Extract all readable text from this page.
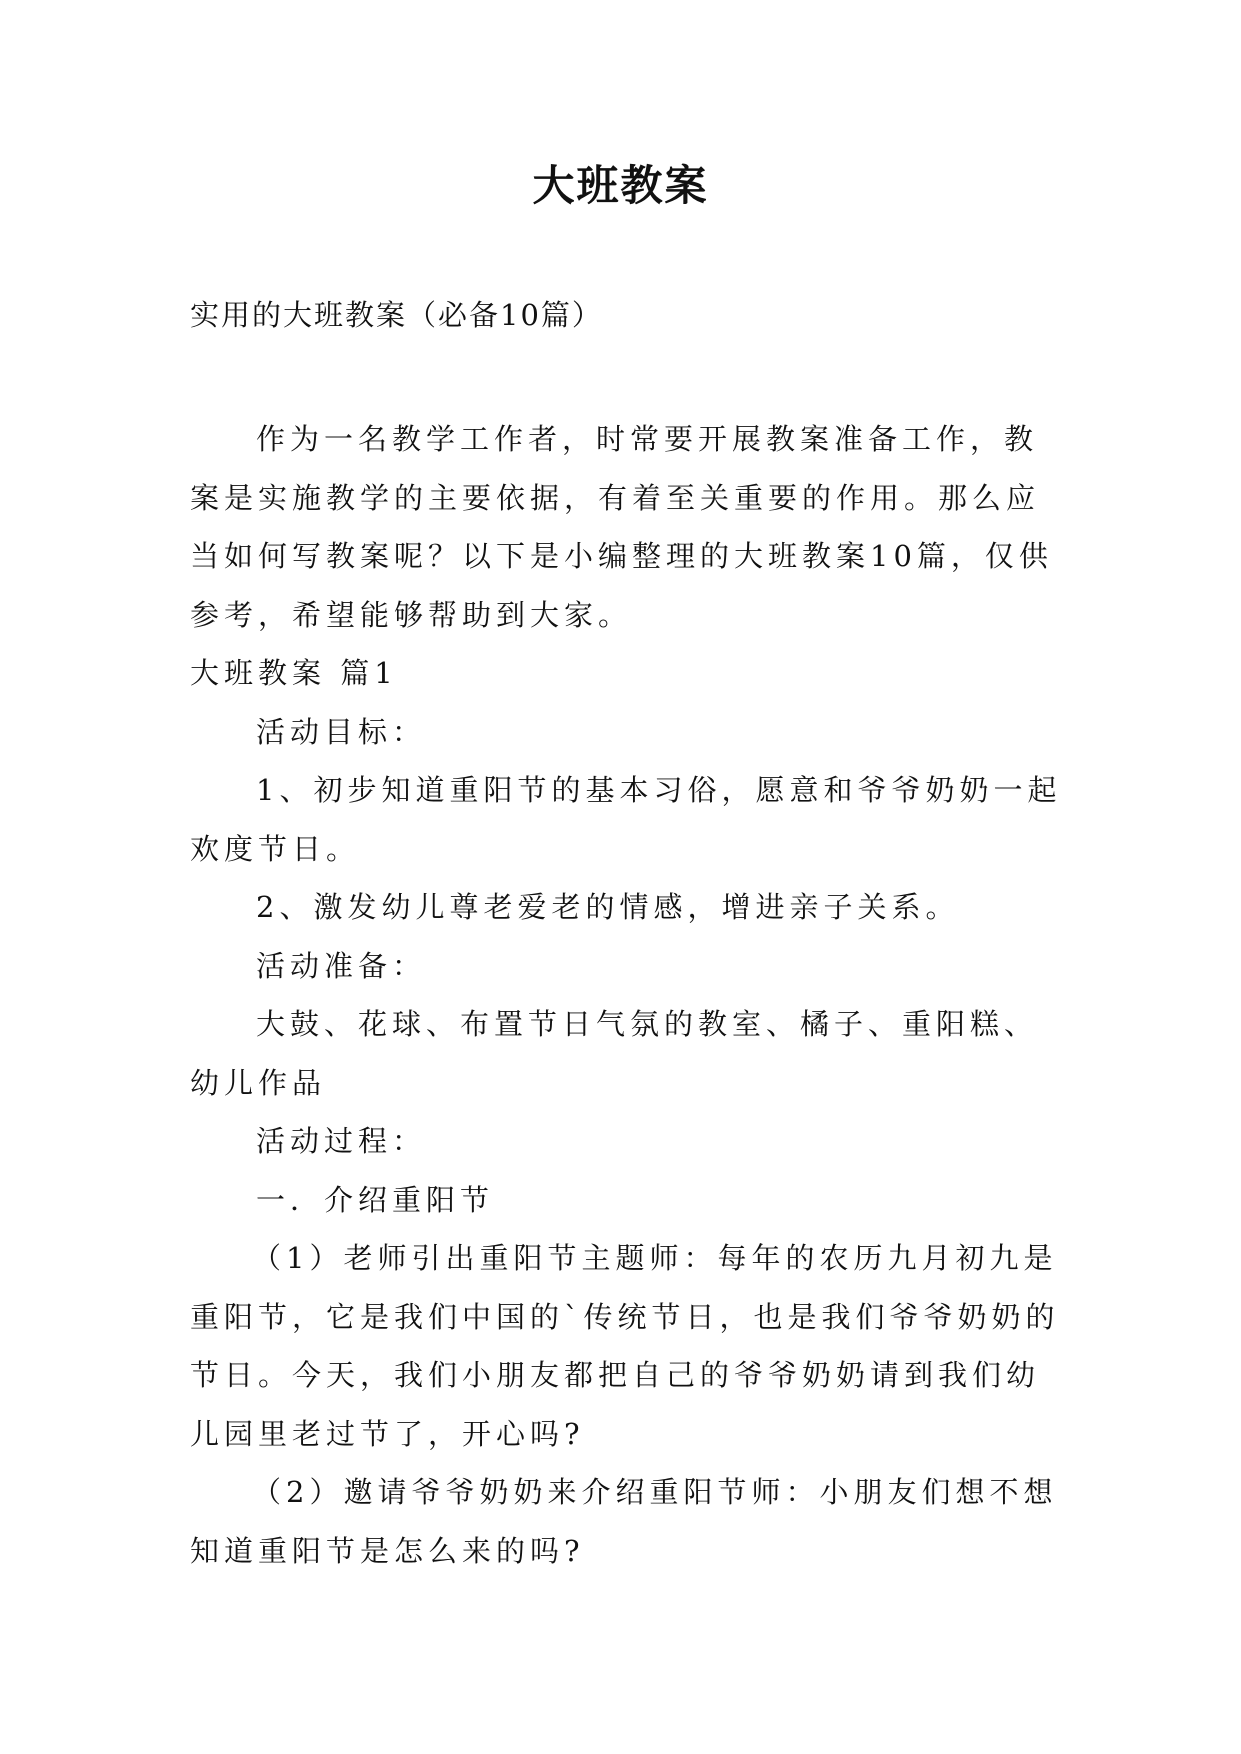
大班教案

实用的大班教案（必备10篇）

作为一名教学工作者，时常要开展教案准备工作，教案是实施教学的主要依据，有着至关重要的作用。那么应当如何写教案呢？以下是小编整理的大班教案10篇，仅供参考，希望能够帮助到大家。

大班教案 篇1

活动目标：

1、初步知道重阳节的基本习俗，愿意和爷爷奶奶一起欢度节日。

2、激发幼儿尊老爱老的情感，增进亲子关系。

活动准备：

大鼓、花球、布置节日气氛的教室、橘子、重阳糕、幼儿作品

活动过程：

一．介绍重阳节

（1）老师引出重阳节主题师：每年的农历九月初九是重阳节，它是我们中国的`传统节日，也是我们爷爷奶奶的节日。今天，我们小朋友都把自己的爷爷奶奶请到我们幼儿园里老过节了，开心吗?

（2）邀请爷爷奶奶来介绍重阳节师：小朋友们想不想知道重阳节是怎么来的吗?
